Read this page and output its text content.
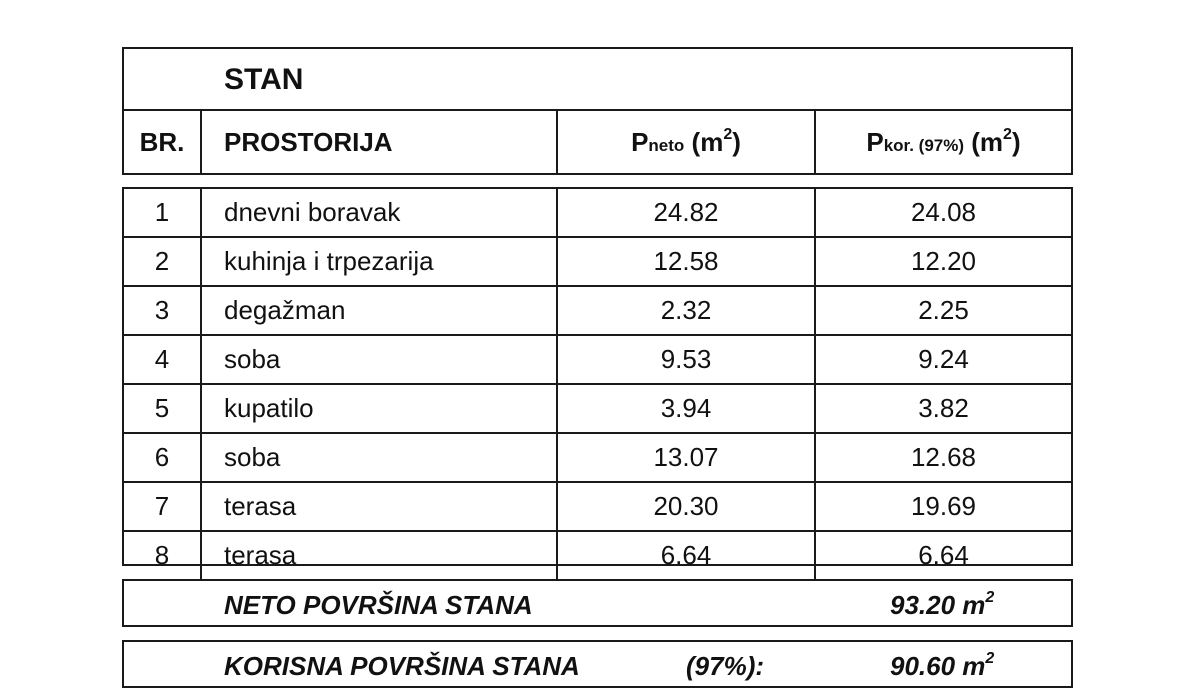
STAN
BR.	PROSTORIJA	Pneto $(m^2)$	Pkor. (97%) $(m^2)$
1	dnevni boravak	24.82	24.08
2	kuhinja i trpezarija	12.58	12.20
3	degažman	2.32	2.25
4	soba	9.53	9.24
5	kupatilo	3.94	3.82
6	soba	13.07	12.68
7	terasa	20.30	19.69
8	terasa	6.64	6.64
NETO POVRŠINA STANA	93.20 $m^2$
KORISNA POVRŠINA STANA	(97%):	90.60 $m^2$
